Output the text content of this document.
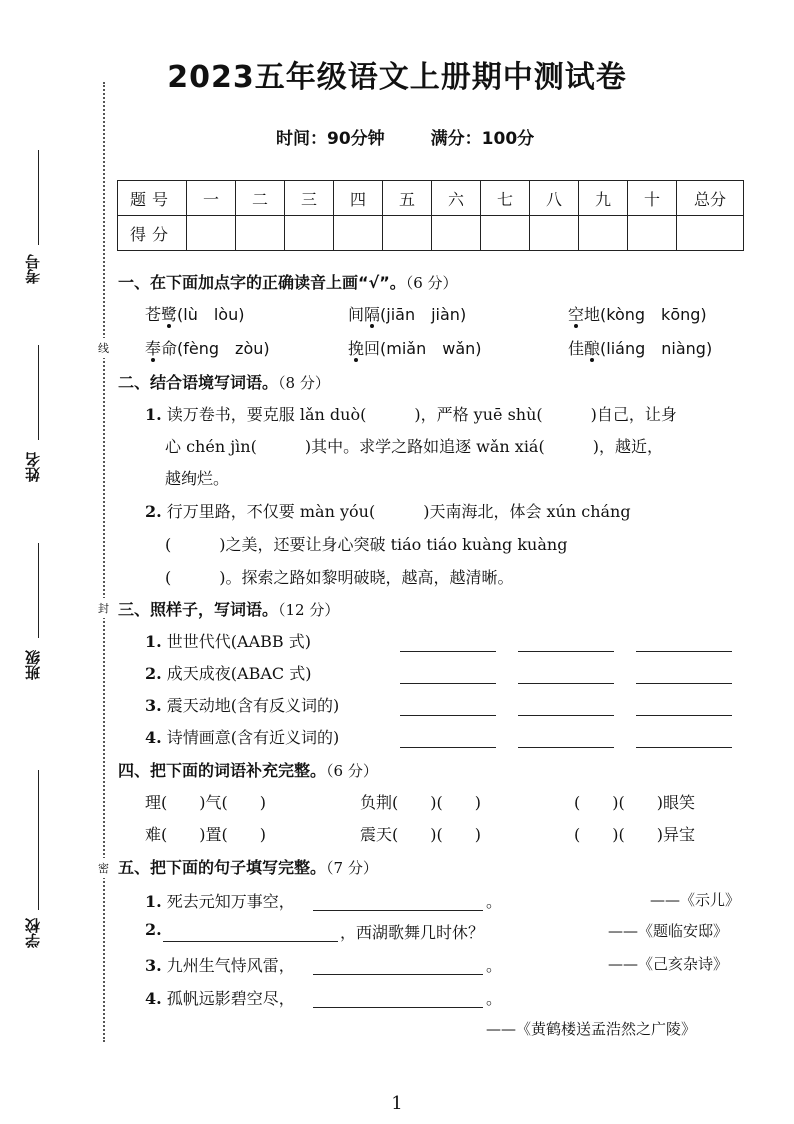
2023五年级语文上册期中测试卷
时间：90分钟	满分：100分
考号
姓名
班级
学校
线
封
密
题号	一	二	三	四	五	六	七	八	九	十	总分
得分											
一、在下面加点字的正确读音上画“√”。（6 分）
苍鹭(lù　lòu)	间隔(jiān　jiàn)	空地(kòng　kōng)
奉命(fèng　zòu)	挽回(miǎn　wǎn)	佳酿(liáng　niàng)
二、结合语境写词语。（8 分）
1. 读万卷书，要克服 lǎn duò(　　　)，严格 yuē shù(　　　)自己，让身
心 chén jìn(　　　)其中。求学之路如追逐 wǎn xiá(　　　)，越近，
越绚烂。
2. 行万里路，不仅要 màn yóu(　　　)天南海北，体会 xún cháng
(　　　)之美，还要让身心突破 tiáo tiáo kuàng kuàng
(　　　)。探索之路如黎明破晓，越高，越清晰。
三、照样子，写词语。（12 分）
1. 世世代代(AABB 式)
2. 成天成夜(ABAC 式)
3. 震天动地(含有反义词的)
4. 诗情画意(含有近义词的)
四、把下面的词语补充完整。（6 分）
理(　　)气(　　)	负荆(　　)(　　)	(　　)(　　)眼笑
难(　　)置(　　)	震天(　　)(　　)	(　　)(　　)异宝
五、把下面的句子填写完整。（7 分）
1. 死去元知万事空，	。	——《示儿》
2.	，西湖歌舞几时休？	——《题临安邸》
3. 九州生气恃风雷，	。	——《己亥杂诗》
4. 孤帆远影碧空尽，	。
——《黄鹤楼送孟浩然之广陵》
1
